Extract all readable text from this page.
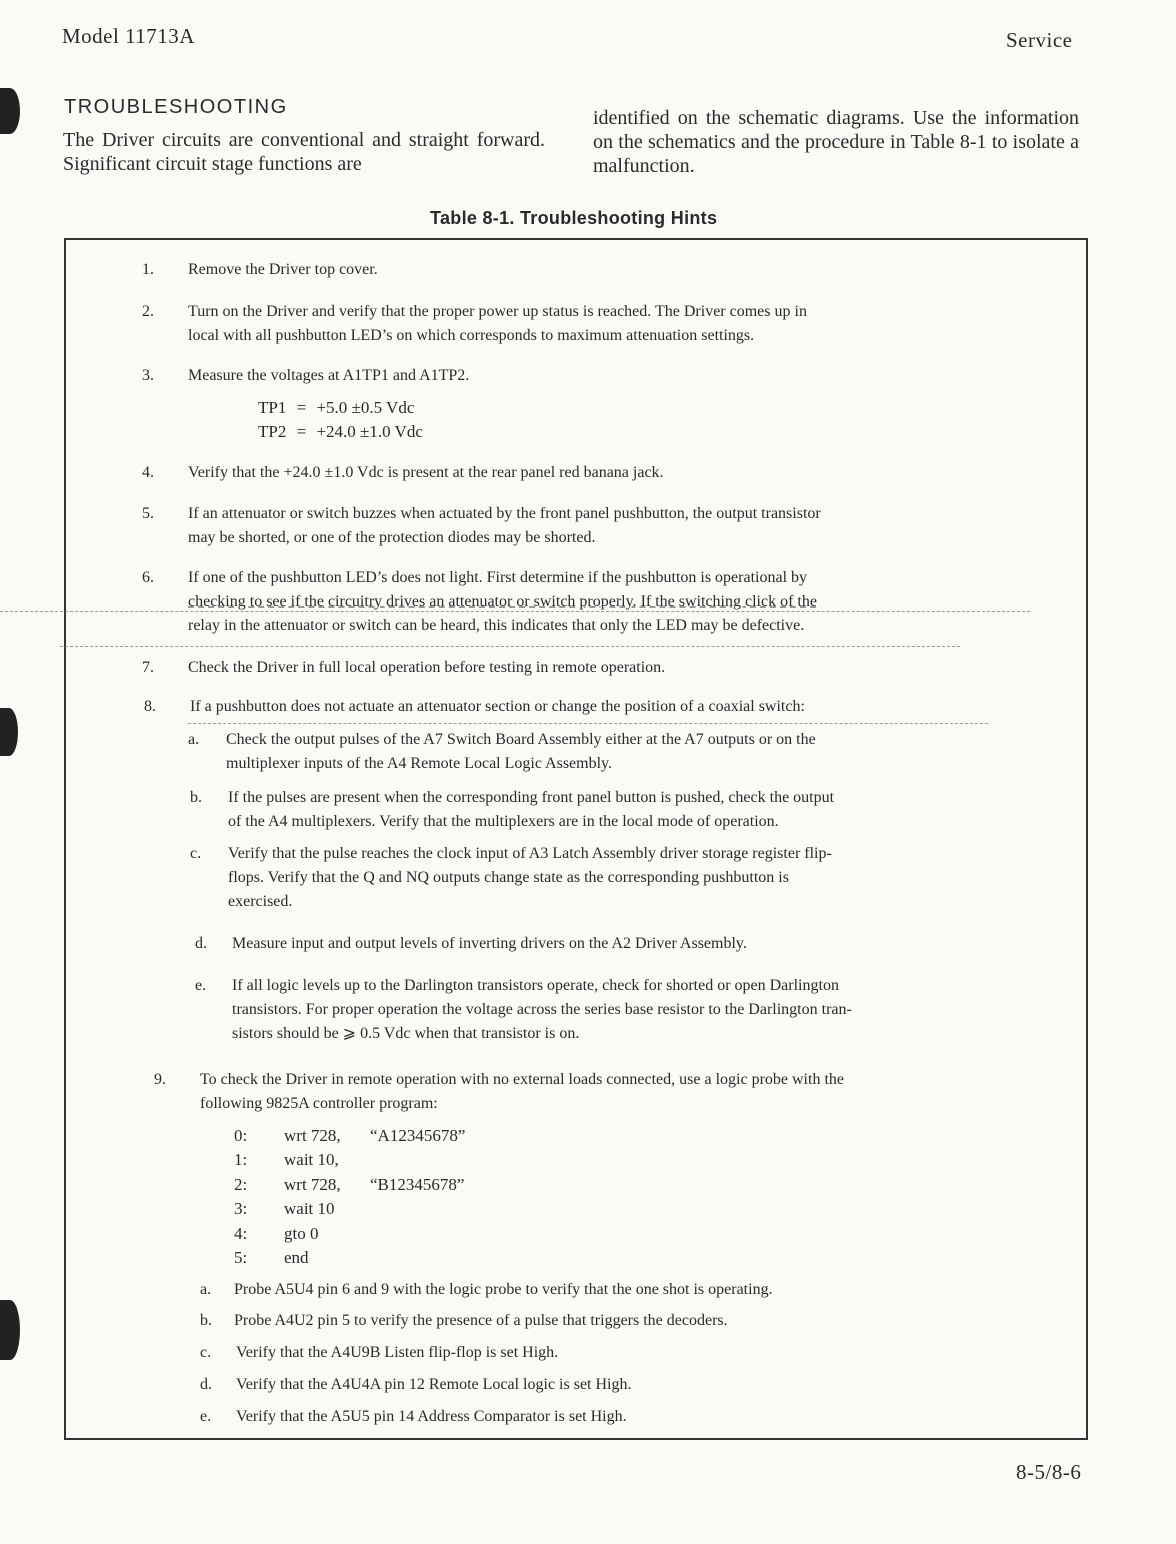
Model 11713A	Service
TROUBLESHOOTING
The Driver circuits are conventional and straight forward. Significant circuit stage functions are
identified on the schematic diagrams. Use the information on the schematics and the procedure in Table 8-1 to isolate a malfunction.
Table 8-1. Troubleshooting Hints
1.	Remove the Driver top cover.
2.	Turn on the Driver and verify that the proper power up status is reached. The Driver comes up in
local with all pushbutton LED’s on which corresponds to maximum attenuation settings.
3.	Measure the voltages at A1TP1 and A1TP2.
TP1 = +5.0 ±0.5 Vdc
TP2 = +24.0 ±1.0 Vdc
4.	Verify that the +24.0 ±1.0 Vdc is present at the rear panel red banana jack.
5.	If an attenuator or switch buzzes when actuated by the front panel pushbutton, the output transistor
may be shorted, or one of the protection diodes may be shorted.
6.	If one of the pushbutton LED’s does not light. First determine if the pushbutton is operational by
checking to see if the circuitry drives an attenuator or switch properly. If the switching click of the
relay in the attenuator or switch can be heard, this indicates that only the LED may be defective.
7.	Check the Driver in full local operation before testing in remote operation.
8.	If a pushbutton does not actuate an attenuator section or change the position of a coaxial switch:
a. Check the output pulses of the A7 Switch Board Assembly either at the A7 outputs or on the
multiplexer inputs of the A4 Remote Local Logic Assembly.
b. If the pulses are present when the corresponding front panel button is pushed, check the output
of the A4 multiplexers. Verify that the multiplexers are in the local mode of operation.
c. Verify that the pulse reaches the clock input of A3 Latch Assembly driver storage register flip-
flops. Verify that the Q and NQ outputs change state as the corresponding pushbutton is
exercised.
d. Measure input and output levels of inverting drivers on the A2 Driver Assembly.
e. If all logic levels up to the Darlington transistors operate, check for shorted or open Darlington
transistors. For proper operation the voltage across the series base resistor to the Darlington tran-
sistors should be ⩾ 0.5 Vdc when that transistor is on.
9.	To check the Driver in remote operation with no external loads connected, use a logic probe with the
following 9825A controller program:
0: wrt 728, “A12345678”
1: wait 10,
2: wrt 728, “B12345678”
3: wait 10
4: gto 0
5: end
a. Probe A5U4 pin 6 and 9 with the logic probe to verify that the one shot is operating.
b. Probe A4U2 pin 5 to verify the presence of a pulse that triggers the decoders.
c. Verify that the A4U9B Listen flip-flop is set High.
d. Verify that the A4U4A pin 12 Remote Local logic is set High.
e. Verify that the A5U5 pin 14 Address Comparator is set High.
8-5/8-6
